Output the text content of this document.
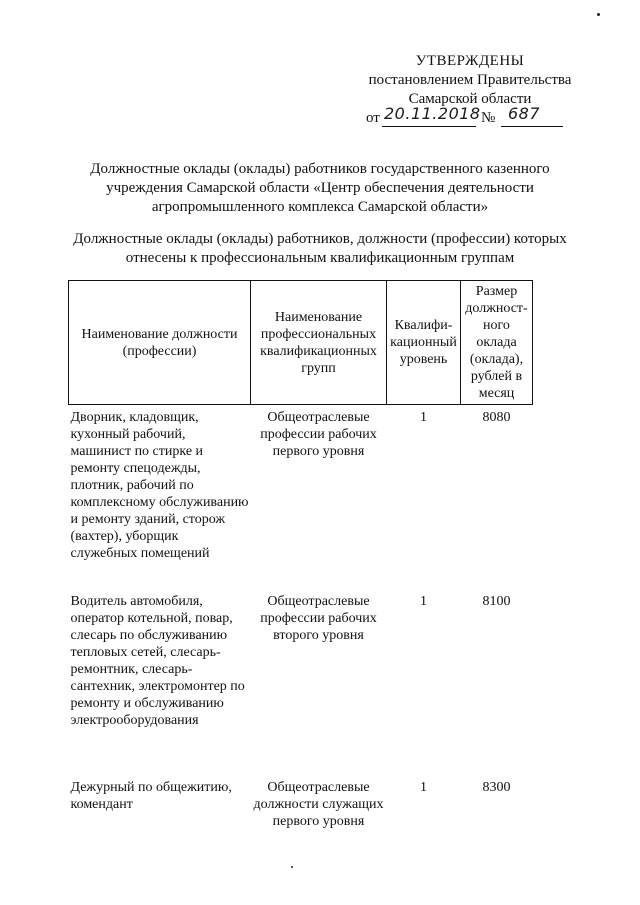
УТВЕРЖДЕНЫ
постановлением Правительства
Самарской области
от 20.11.2018 № 687
Должностные оклады (оклады) работников государственного казенного учреждения Самарской области «Центр обеспечения деятельности агропромышленного комплекса Самарской области»
Должностные оклады (оклады) работников, должности (профессии) которых отнесены к профессиональным квалификационным группам
Наименование должности (профессии)	Наименование профессиональных квалификационных групп	Квалифи-кационный уровень	Размер должност-ного оклада (оклада), рублей в месяц
Дворник, кладовщик, кухонный рабочий, машинист по стирке и ремонту спецодежды, плотник, рабочий по комплексному обслуживанию и ремонту зданий, сторож (вахтер), уборщик служебных помещений	Общеотраслевые профессии рабочих первого уровня	1	8080
Водитель автомобиля, оператор котельной, повар, слесарь по обслуживанию тепловых сетей, слесарь-ремонтник, слесарь-сантехник, электромонтер по ремонту и обслуживанию электрооборудования	Общеотраслевые профессии рабочих второго уровня	1	8100
Дежурный по общежитию, комендант	Общеотраслевые должности служащих первого уровня	1	8300
